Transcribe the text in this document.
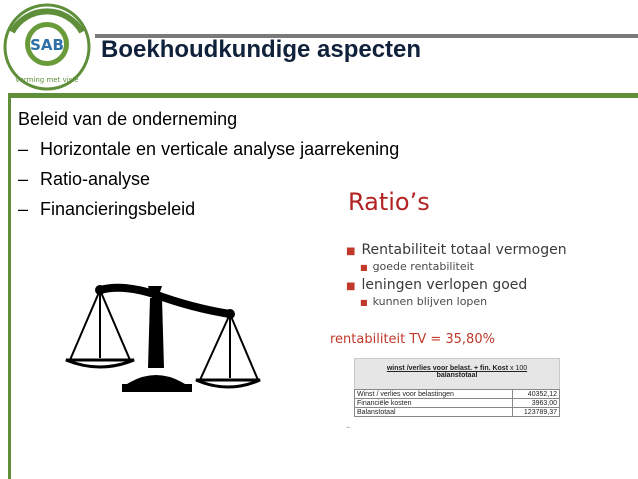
SAB
vorming met visie
Boekhoudkundige aspecten
Beleid van de onderneming
– Horizontale en verticale analyse jaarrekening
– Ratio-analyse
– Financieringsbeleid	Ratio’s
■ Rentabiliteit totaal vermogen
■ goede rentabiliteit
■ leningen verlopen goed
■ kunnen blijven lopen
rentabiliteit TV = 35,80%
winst /verlies voor belast. + fin. Kost x 100
balanstotaal
Winst / verlies voor belastingen	40352,12
Financiële kosten	3963,00
Balanstotaal	123789,37
←
